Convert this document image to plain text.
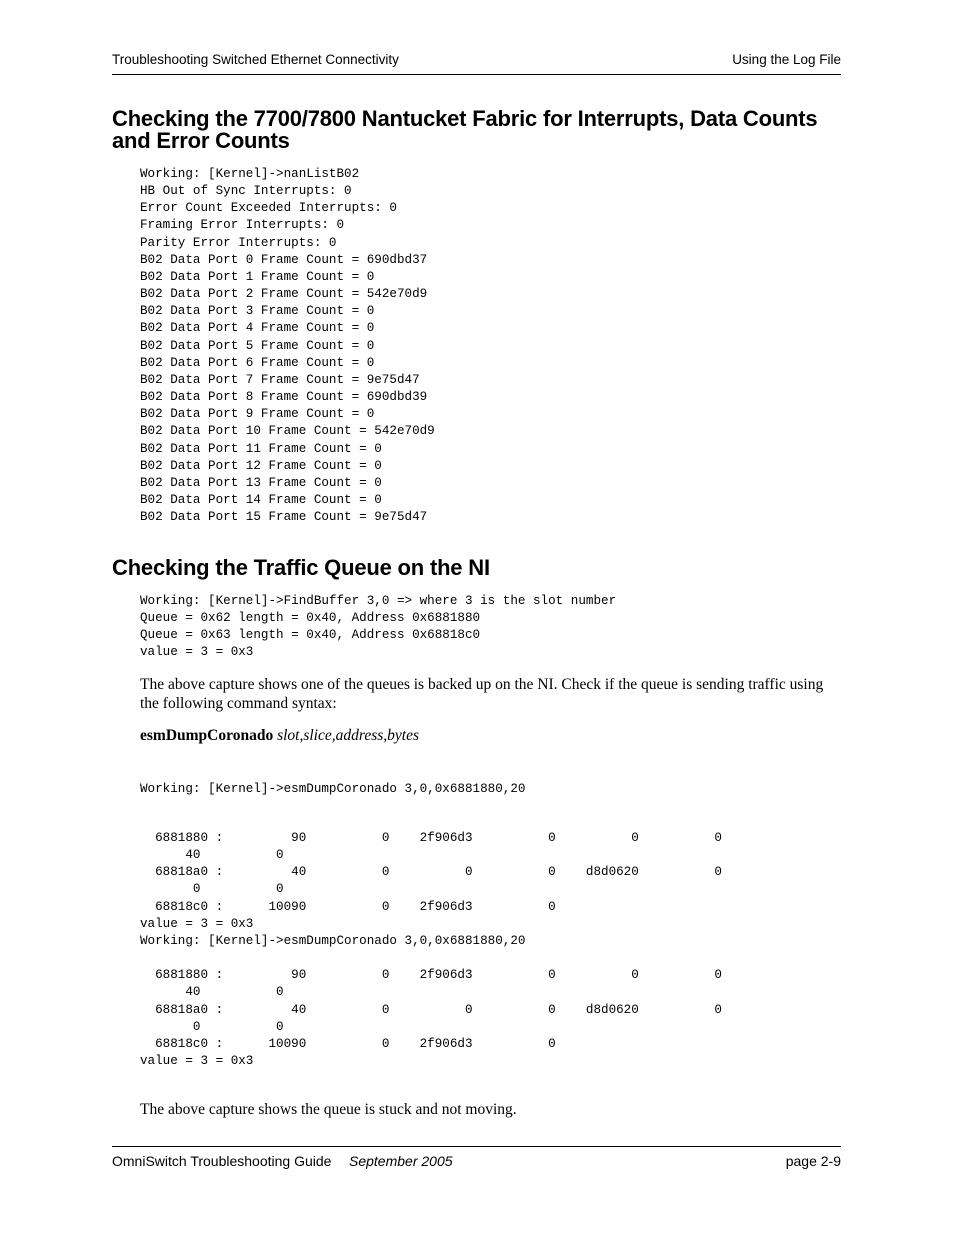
Troubleshooting Switched Ethernet Connectivity	Using the Log File
Checking the 7700/7800 Nantucket Fabric for Interrupts, Data Counts and Error Counts
Working: [Kernel]->nanListB02
HB Out of Sync Interrupts: 0
Error Count Exceeded Interrupts: 0
Framing Error Interrupts: 0
Parity Error Interrupts: 0
B02 Data Port 0 Frame Count = 690dbd37
B02 Data Port 1 Frame Count = 0
B02 Data Port 2 Frame Count = 542e70d9
B02 Data Port 3 Frame Count = 0
B02 Data Port 4 Frame Count = 0
B02 Data Port 5 Frame Count = 0
B02 Data Port 6 Frame Count = 0
B02 Data Port 7 Frame Count = 9e75d47
B02 Data Port 8 Frame Count = 690dbd39
B02 Data Port 9 Frame Count = 0
B02 Data Port 10 Frame Count = 542e70d9
B02 Data Port 11 Frame Count = 0
B02 Data Port 12 Frame Count = 0
B02 Data Port 13 Frame Count = 0
B02 Data Port 14 Frame Count = 0
B02 Data Port 15 Frame Count = 9e75d47
Checking the Traffic Queue on the NI
Working: [Kernel]->FindBuffer 3,0 => where 3 is the slot number
Queue = 0x62 length = 0x40, Address 0x6881880
Queue = 0x63 length = 0x40, Address 0x68818c0
value = 3 = 0x3

The above capture shows one of the queues is backed up on the NI. Check if the queue is sending traffic using the following command syntax:

esmDumpCoronado slot,slice,address,bytes

Working: [Kernel]->esmDumpCoronado 3,0,0x6881880,20
6881880 :         90          0    2f906d3          0          0          0
40          0
68818a0 :         40          0          0          0    d8d0620          0
0          0
68818c0 :      10090          0    2f906d3          0
value = 3 = 0x3
Working: [Kernel]->esmDumpCoronado 3,0,0x6881880,20

6881880 :         90          0    2f906d3          0          0          0
40          0
68818a0 :         40          0          0          0    d8d0620          0
0          0
68818c0 :      10090          0    2f906d3          0
value = 3 = 0x3

The above capture shows the queue is stuck and not moving.

OmniSwitch Troubleshooting Guide September 2005	page 2-9
